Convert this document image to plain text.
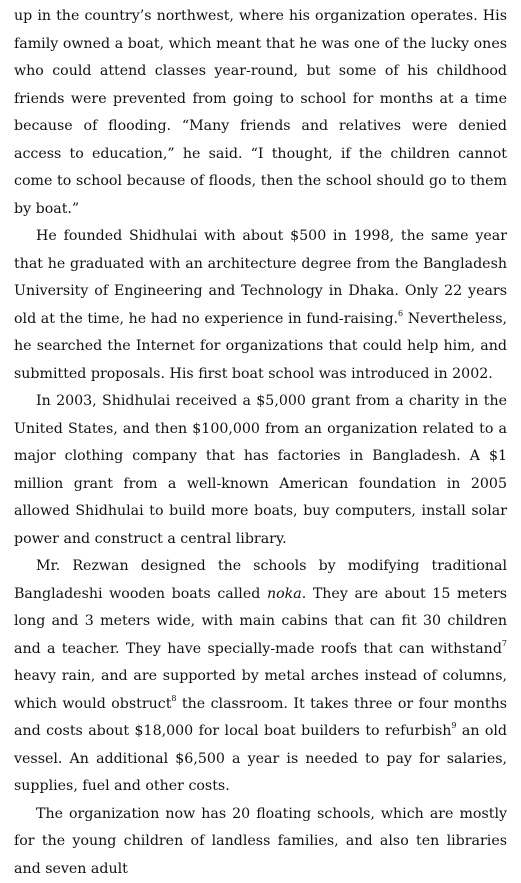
up in the country’s northwest, where his organization operates. His family owned a boat, which meant that he was one of the lucky ones who could attend classes year-round, but some of his childhood friends were prevented from going to school for months at a time because of flooding. “Many friends and relatives were denied access to education,” he said. “I thought, if the children cannot come to school because of floods, then the school should go to them by boat.”

He founded Shidhulai with about $500 in 1998, the same year that he graduated with an architecture degree from the Bangladesh University of Engineering and Technology in Dhaka. Only 22 years old at the time, he had no experience in fund-raising.$^6$ Nevertheless, he searched the Internet for organizations that could help him, and submitted proposals. His first boat school was introduced in 2002.

In 2003, Shidhulai received a $5,000 grant from a charity in the United States, and then $100,000 from an organization related to a major clothing company that has factories in Bangladesh. A $1 million grant from a well-known American foundation in 2005 allowed Shidhulai to build more boats, buy computers, install solar power and construct a central library.

Mr. Rezwan designed the schools by modifying traditional Bangladeshi wooden boats called noka. They are about 15 meters long and 3 meters wide, with main cabins that can fit 30 children and a teacher. They have specially-made roofs that can withstand$^7$ heavy rain, and are supported by metal arches instead of columns, which would obstruct$^8$ the classroom. It takes three or four months and costs about $18,000 for local boat builders to refurbish$^9$ an old vessel. An additional $6,500 a year is needed to pay for salaries, supplies, fuel and other costs.

The organization now has 20 floating schools, which are mostly for the young children of landless families, and also ten libraries and seven adult
